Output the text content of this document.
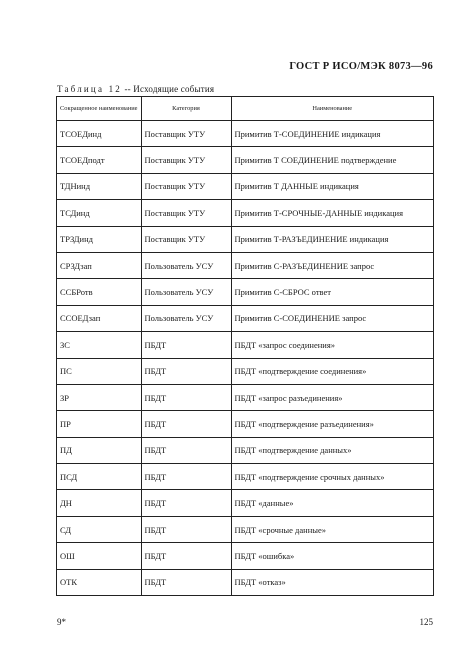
ГОСТ Р ИСО/МЭК 8073—96
Таблица 12 -- Исходящие события
Сокращенное наименование	Категория	Наименование
ТСОЕДинд	Поставщик УТУ	Примитив Т-СОЕДИНЕНИЕ индикация
ТСОЕДподт	Поставщик УТУ	Примитив Т СОЕДИНЕНИЕ подтверждение
ТДНинд	Поставщик УТУ	Примитив Т ДАННЫЕ индикация
ТСДинд	Поставщик УТУ	Примитив Т-СРОЧНЫЕ-ДАННЫЕ индикация
ТРЗДинд	Поставщик УТУ	Примитив Т-РАЗЪЕДИНЕНИЕ индикация
СРЗДзап	Пользователь УСУ	Примитив С-РАЗЪЕДИНЕНИЕ запрос
ССБРотв	Пользователь УСУ	Примитив С-СБРОС ответ
ССОЕДзап	Пользователь УСУ	Примитив С-СОЕДИНЕНИЕ запрос
ЗС	ПБДТ	ПБДТ «запрос соединения»
ПС	ПБДТ	ПБДТ «подтверждение соединения»
ЗР	ПБДТ	ПБДТ «запрос разъединения»
ПР	ПБДТ	ПБДТ «подтверждение разъединения»
ПД	ПБДТ	ПБДТ «подтверждение данных»
ПСД	ПБДТ	ПБДТ «подтверждение срочных данных»
ДН	ПБДТ	ПБДТ «данные»
СД	ПБДТ	ПБДТ «срочные данные»
ОШ	ПБДТ	ПБДТ «ошибка»
ОТК	ПБДТ	ПБДТ «отказ»
9*	125
